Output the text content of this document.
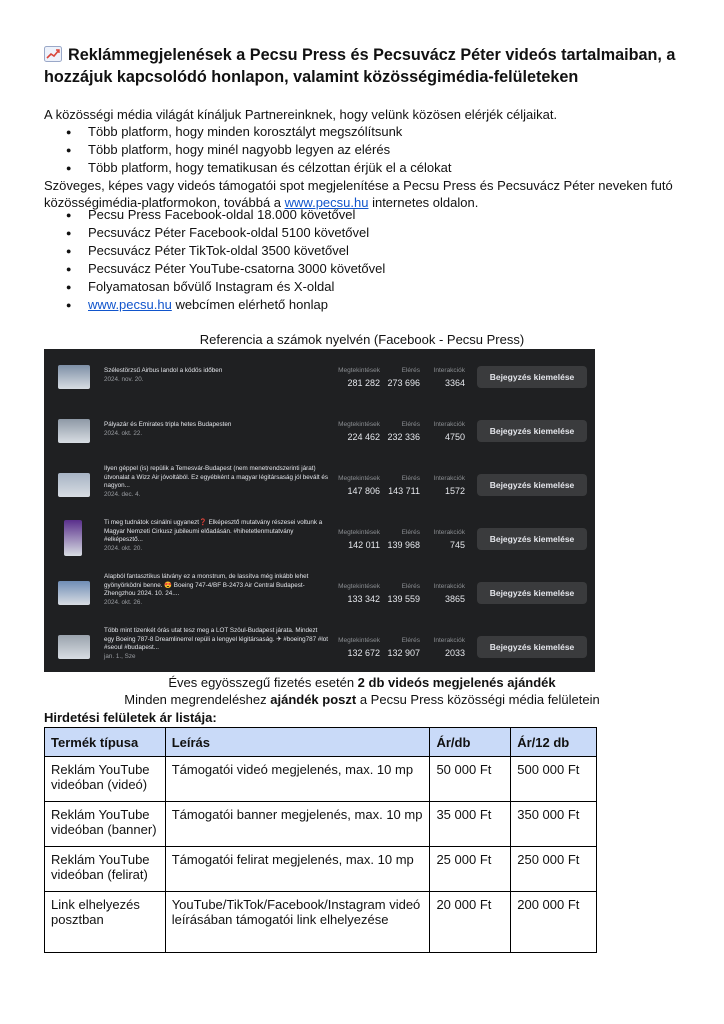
Reklámmegjelenések a Pecsu Press és Pecsuvácz Péter videós tartalmaiban, a hozzájuk kapcsolódó honlapon, valamint közösségimédia-felületeken
A közösségi média világát kínáljuk Partnereinknek, hogy velünk közösen elérjék céljaikat.
● Több platform, hogy minden korosztályt megszólítsunk
● Több platform, hogy minél nagyobb legyen az elérés
● Több platform, hogy tematikusan és célzottan érjük el a célokat
Szöveges, képes vagy videós támogatói spot megjelenítése a Pecsu Press és Pecsuvácz Péter neveken futó közösségimédia-platformokon, továbbá a www.pecsu.hu internetes oldalon.
● Pecsu Press Facebook-oldal 18.000 követővel
● Pecsuvácz Péter Facebook-oldal 5100 követővel
● Pecsuvácz Péter TikTok-oldal 3500 követővel
● Pecsuvácz Péter YouTube-csatorna 3000 követővel
● Folyamatosan bővülő Instagram és X-oldal
● www.pecsu.hu webcímen elérhető honlap
Referencia a számok nyelvén (Facebook - Pecsu Press)
Szélestörzsű Airbus landol a ködös időben
2024. nov. 20.
Megtekintések
281 282
Elérés
273 696
Interakciók
3364
Bejegyzés kiemelése
Pályazár és Emirates tripla hetes Budapesten
2024. okt. 22.
Megtekintések
224 462
Elérés
232 336
Interakciók
4750
Bejegyzés kiemelése
Ilyen géppel (is) repülik a Temesvár-Budapest (nem menetrendszerinti járat) útvonalat a Wizz Air jóvoltából. Ez egyébként a magyar légitársaság jól bevált és nagyon...
2024. dec. 4.
Megtekintések
147 806
Elérés
143 711
Interakciók
1572
Bejegyzés kiemelése
Ti meg tudnátok csinálni ugyanezt❓ Elképesztő mutatvány részesei voltunk a Magyar Nemzeti Cirkusz jubileumi előadásán. #hihetetlenmutatvány #elképesztő...
2024. okt. 20.
Megtekintések
142 011
Elérés
139 968
Interakciók
745
Bejegyzés kiemelése
Alapból fantasztikus látvány ez a monstrum, de lassítva még inkább lehet gyönyörködni benne. 😍 Boeing 747-4/BF B-2473 Air Central Budapest-Zhengzhou 2024. 10. 24....
2024. okt. 26.
Megtekintések
133 342
Elérés
139 559
Interakciók
3865
Bejegyzés kiemelése
Több mint tizenkét órás utat tesz meg a LOT Szöul-Budapest járata. Mindezt egy Boeing 787-8 Dreamlinerrel repüli a lengyel légitársaság. ✈ #boeing787 #lot #seoul #budapest...
jan. 1., Sze
Megtekintések
132 672
Elérés
132 907
Interakciók
2033
Bejegyzés kiemelése
Éves egyösszegű fizetés esetén 2 db videós megjelenés ajándék
Minden megrendeléshez ajándék poszt a Pecsu Press közösségi média felületein
Hirdetési felületek ár listája:
Termék típusa	Leírás	Ár/db	Ár/12 db
Reklám YouTube videóban (videó)	Támogatói videó megjelenés, max. 10 mp	50 000 Ft	500 000 Ft
Reklám YouTube videóban (banner)	Támogatói banner megjelenés, max. 10 mp	35 000 Ft	350 000 Ft
Reklám YouTube videóban (felirat)	Támogatói felirat megjelenés, max. 10 mp	25 000 Ft	250 000 Ft
Link elhelyezés posztban	YouTube/TikTok/Facebook/Instagram videó leírásában támogatói link elhelyezése	20 000 Ft	200 000 Ft
